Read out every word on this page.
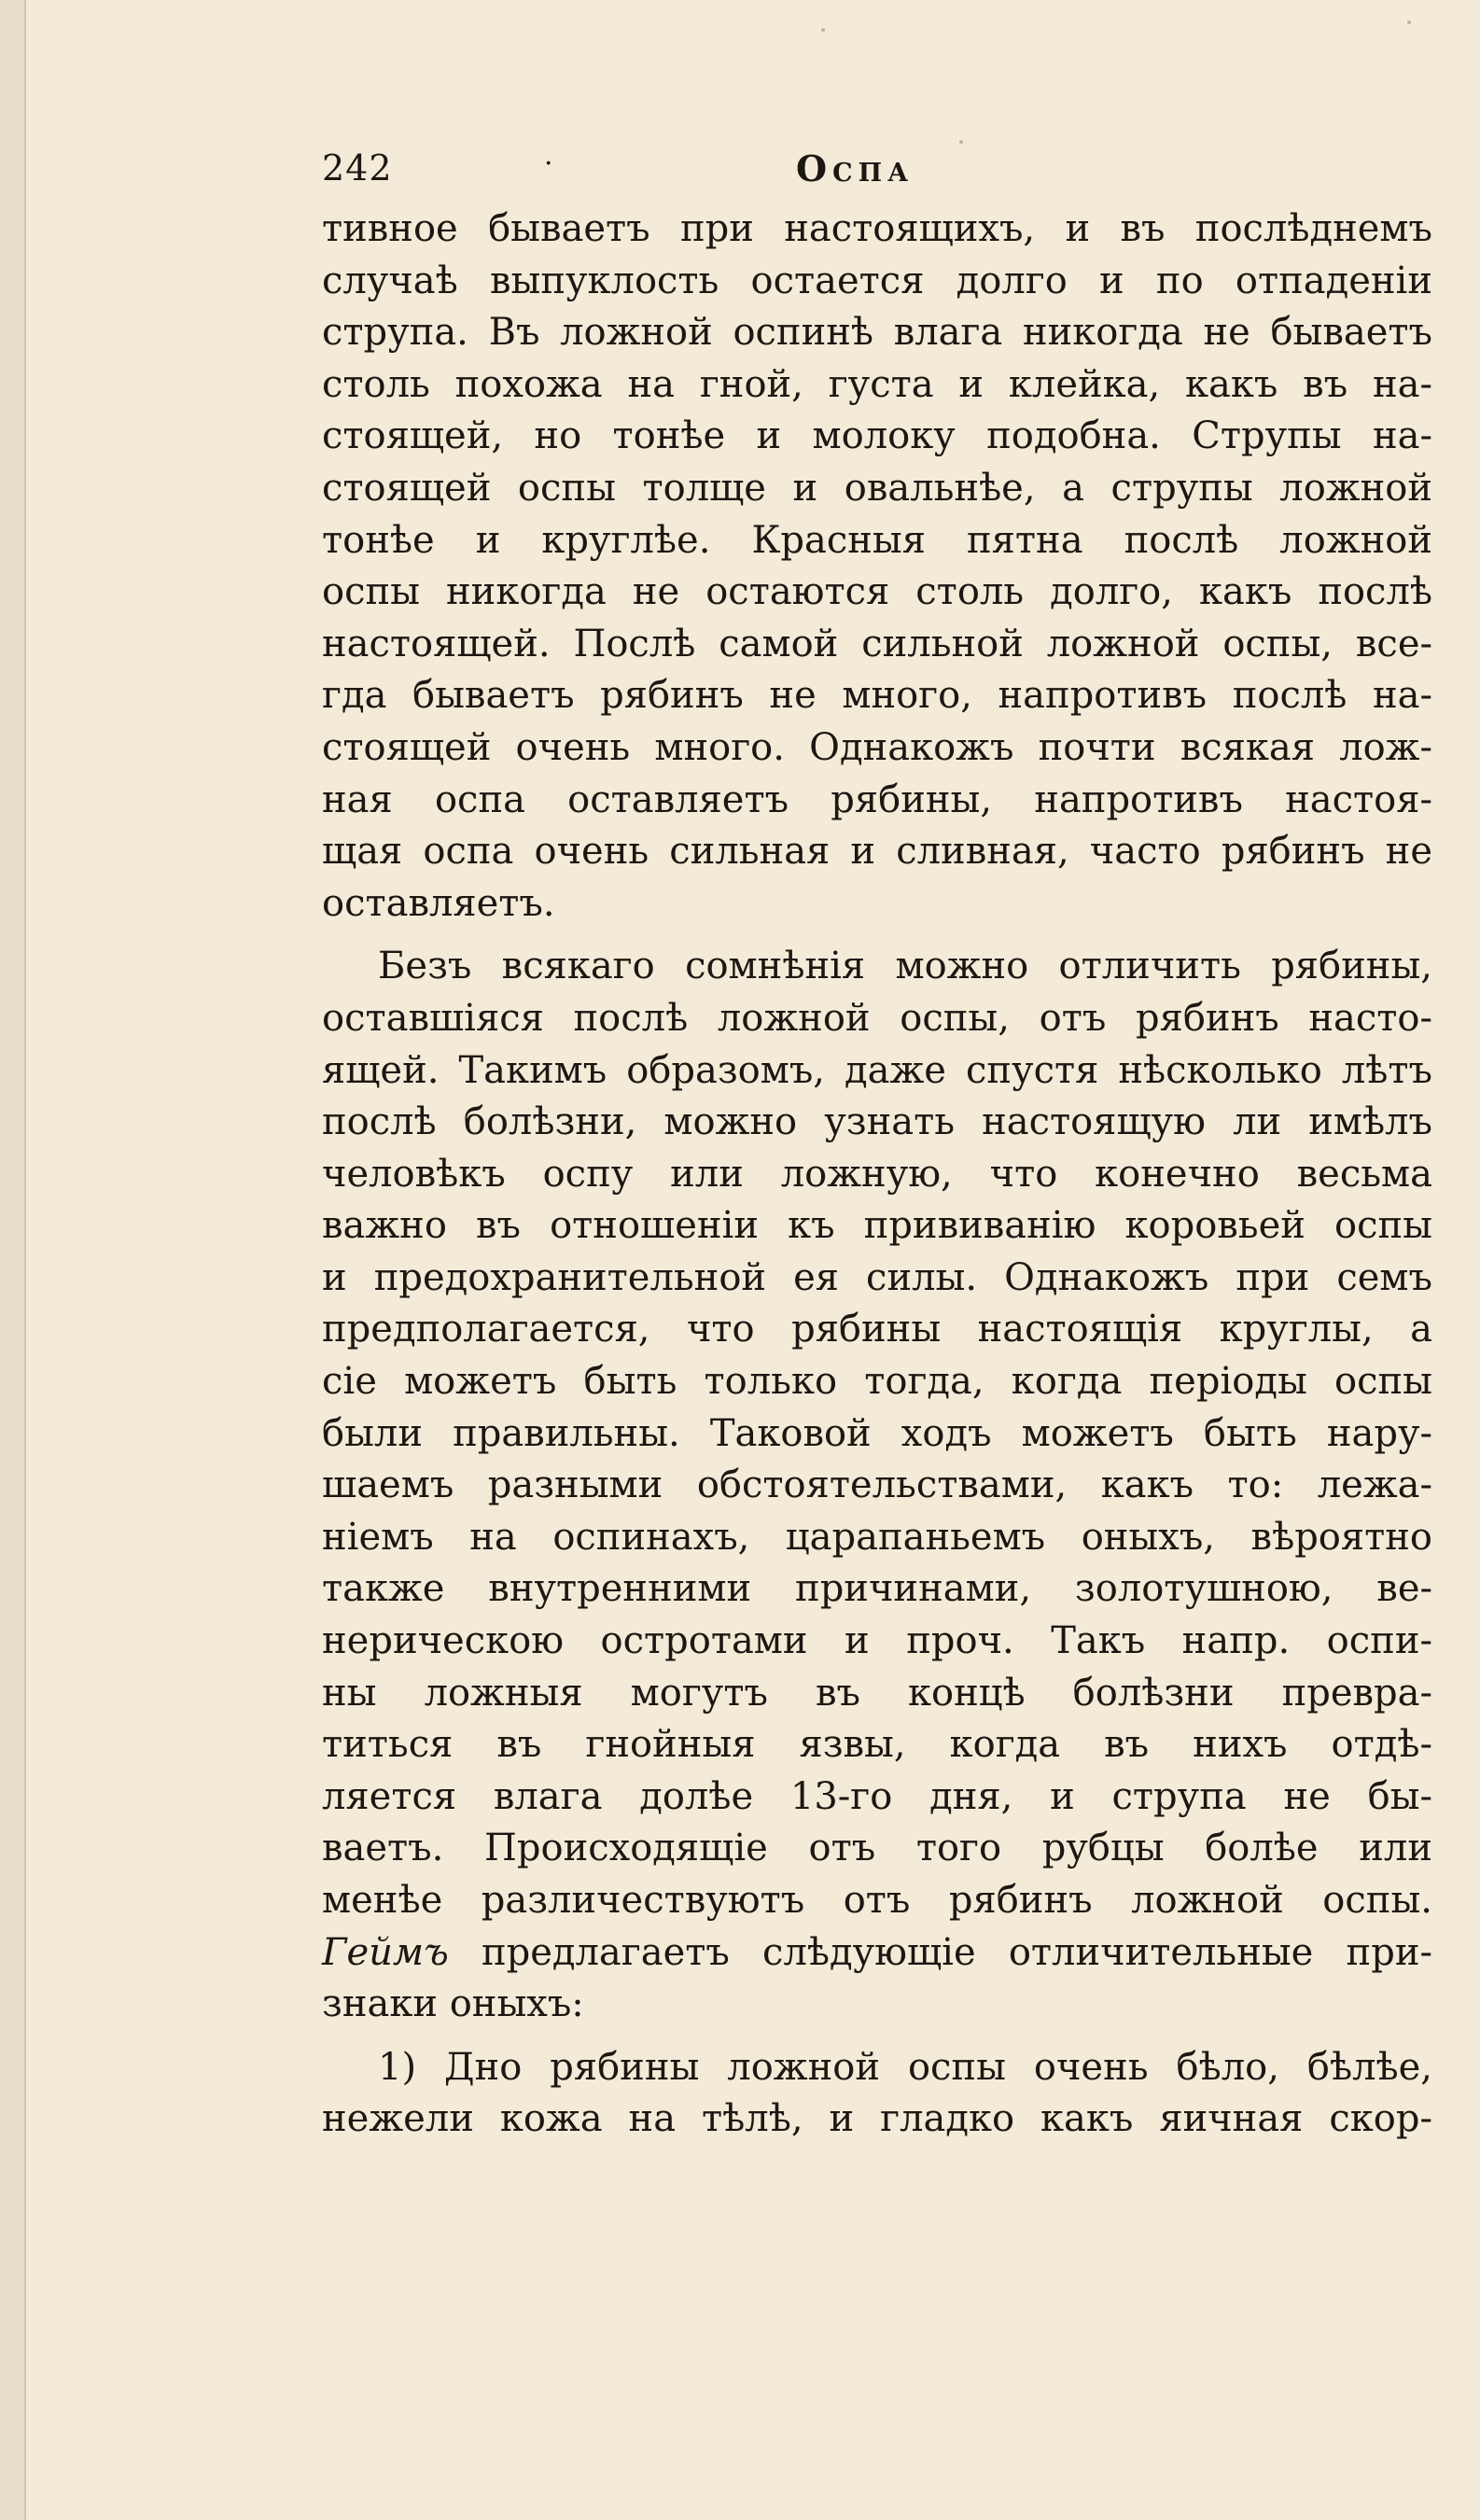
242	·	Оспа

тивное бываетъ при настоящихъ, и въ послѣднемъ

случаѣ выпуклость остается долго и по отпаденіи

струпа. Въ ложной оспинѣ влага никогда не бываетъ

столь похожа на гной, густа и клейка, какъ въ на-

стоящей, но тонѣе и молоку подобна. Струпы на-

стоящей оспы толще и овальнѣе, а струпы ложной

тонѣе и круглѣе. Красныя пятна послѣ ложной

оспы никогда не остаются столь долго, какъ послѣ

настоящей. Послѣ самой сильной ложной оспы, все-

гда бываетъ рябинъ не много, напротивъ послѣ на-

стоящей очень много. Однакожъ почти всякая лож-

ная оспа оставляетъ рябины, напротивъ настоя-

щая оспа очень сильная и сливная, часто рябинъ не

оставляетъ.

Безъ всякаго сомнѣнія можно отличить рябины,

оставшіяся послѣ ложной оспы, отъ рябинъ насто-

ящей. Такимъ образомъ, даже спустя нѣсколько лѣтъ

послѣ болѣзни, можно узнать настоящую ли имѣлъ

человѣкъ оспу или ложную, что конечно весьма

важно въ отношеніи къ прививанію коровьей оспы

и предохранительной ея силы. Однакожъ при семъ

предполагается, что рябины настоящія круглы, а

сіе можетъ быть только тогда, когда періоды оспы

были правильны. Таковой ходъ можетъ быть нару-

шаемъ разными обстоятельствами, какъ то: лежа-

ніемъ на оспинахъ, царапаньемъ оныхъ, вѣроятно

также внутренними причинами, золотушною, ве-

нерическою остротами и проч. Такъ напр. оспи-

ны ложныя могутъ въ концѣ болѣзни превра-

титься въ гнойныя язвы, когда въ нихъ отдѣ-

ляется влага долѣе 13-го дня, и струпа не бы-

ваетъ. Происходящіе отъ того рубцы болѣе или

менѣе различествуютъ отъ рябинъ ложной оспы.

Геймъ предлагаетъ слѣдующіе отличительные при-

знаки оныхъ:

1) Дно рябины ложной оспы очень бѣло, бѣлѣе,

нежели кожа на тѣлѣ, и гладко какъ яичная скор-
